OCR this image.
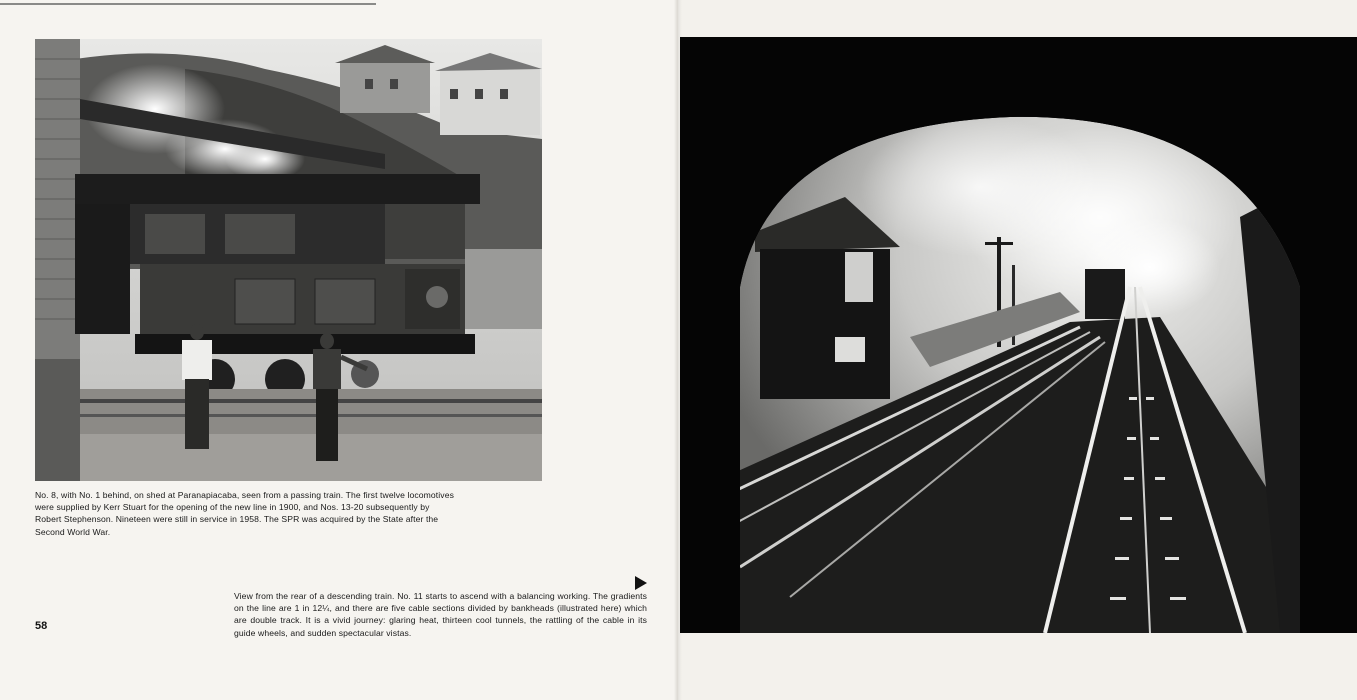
No. 8, with No. 1 behind, on shed at Paranapiacaba, seen from a passing train. The first twelve locomotives were supplied by Kerr Stuart for the opening of the new line in 1900, and Nos. 13-20 subsequently by Robert Stephenson. Nineteen were still in service in 1958. The SPR was acquired by the State after the Second World War.

View from the rear of a descending train. No. 11 starts to ascend with a balancing working. The gradients on the line are 1 in 12¼, and there are five cable sections divided by bankheads (illustrated here) which are double track. It is a vivid journey: glaring heat, thirteen cool tunnels, the rattling of the cable in its guide wheels, and sudden spectacular vistas.

58
